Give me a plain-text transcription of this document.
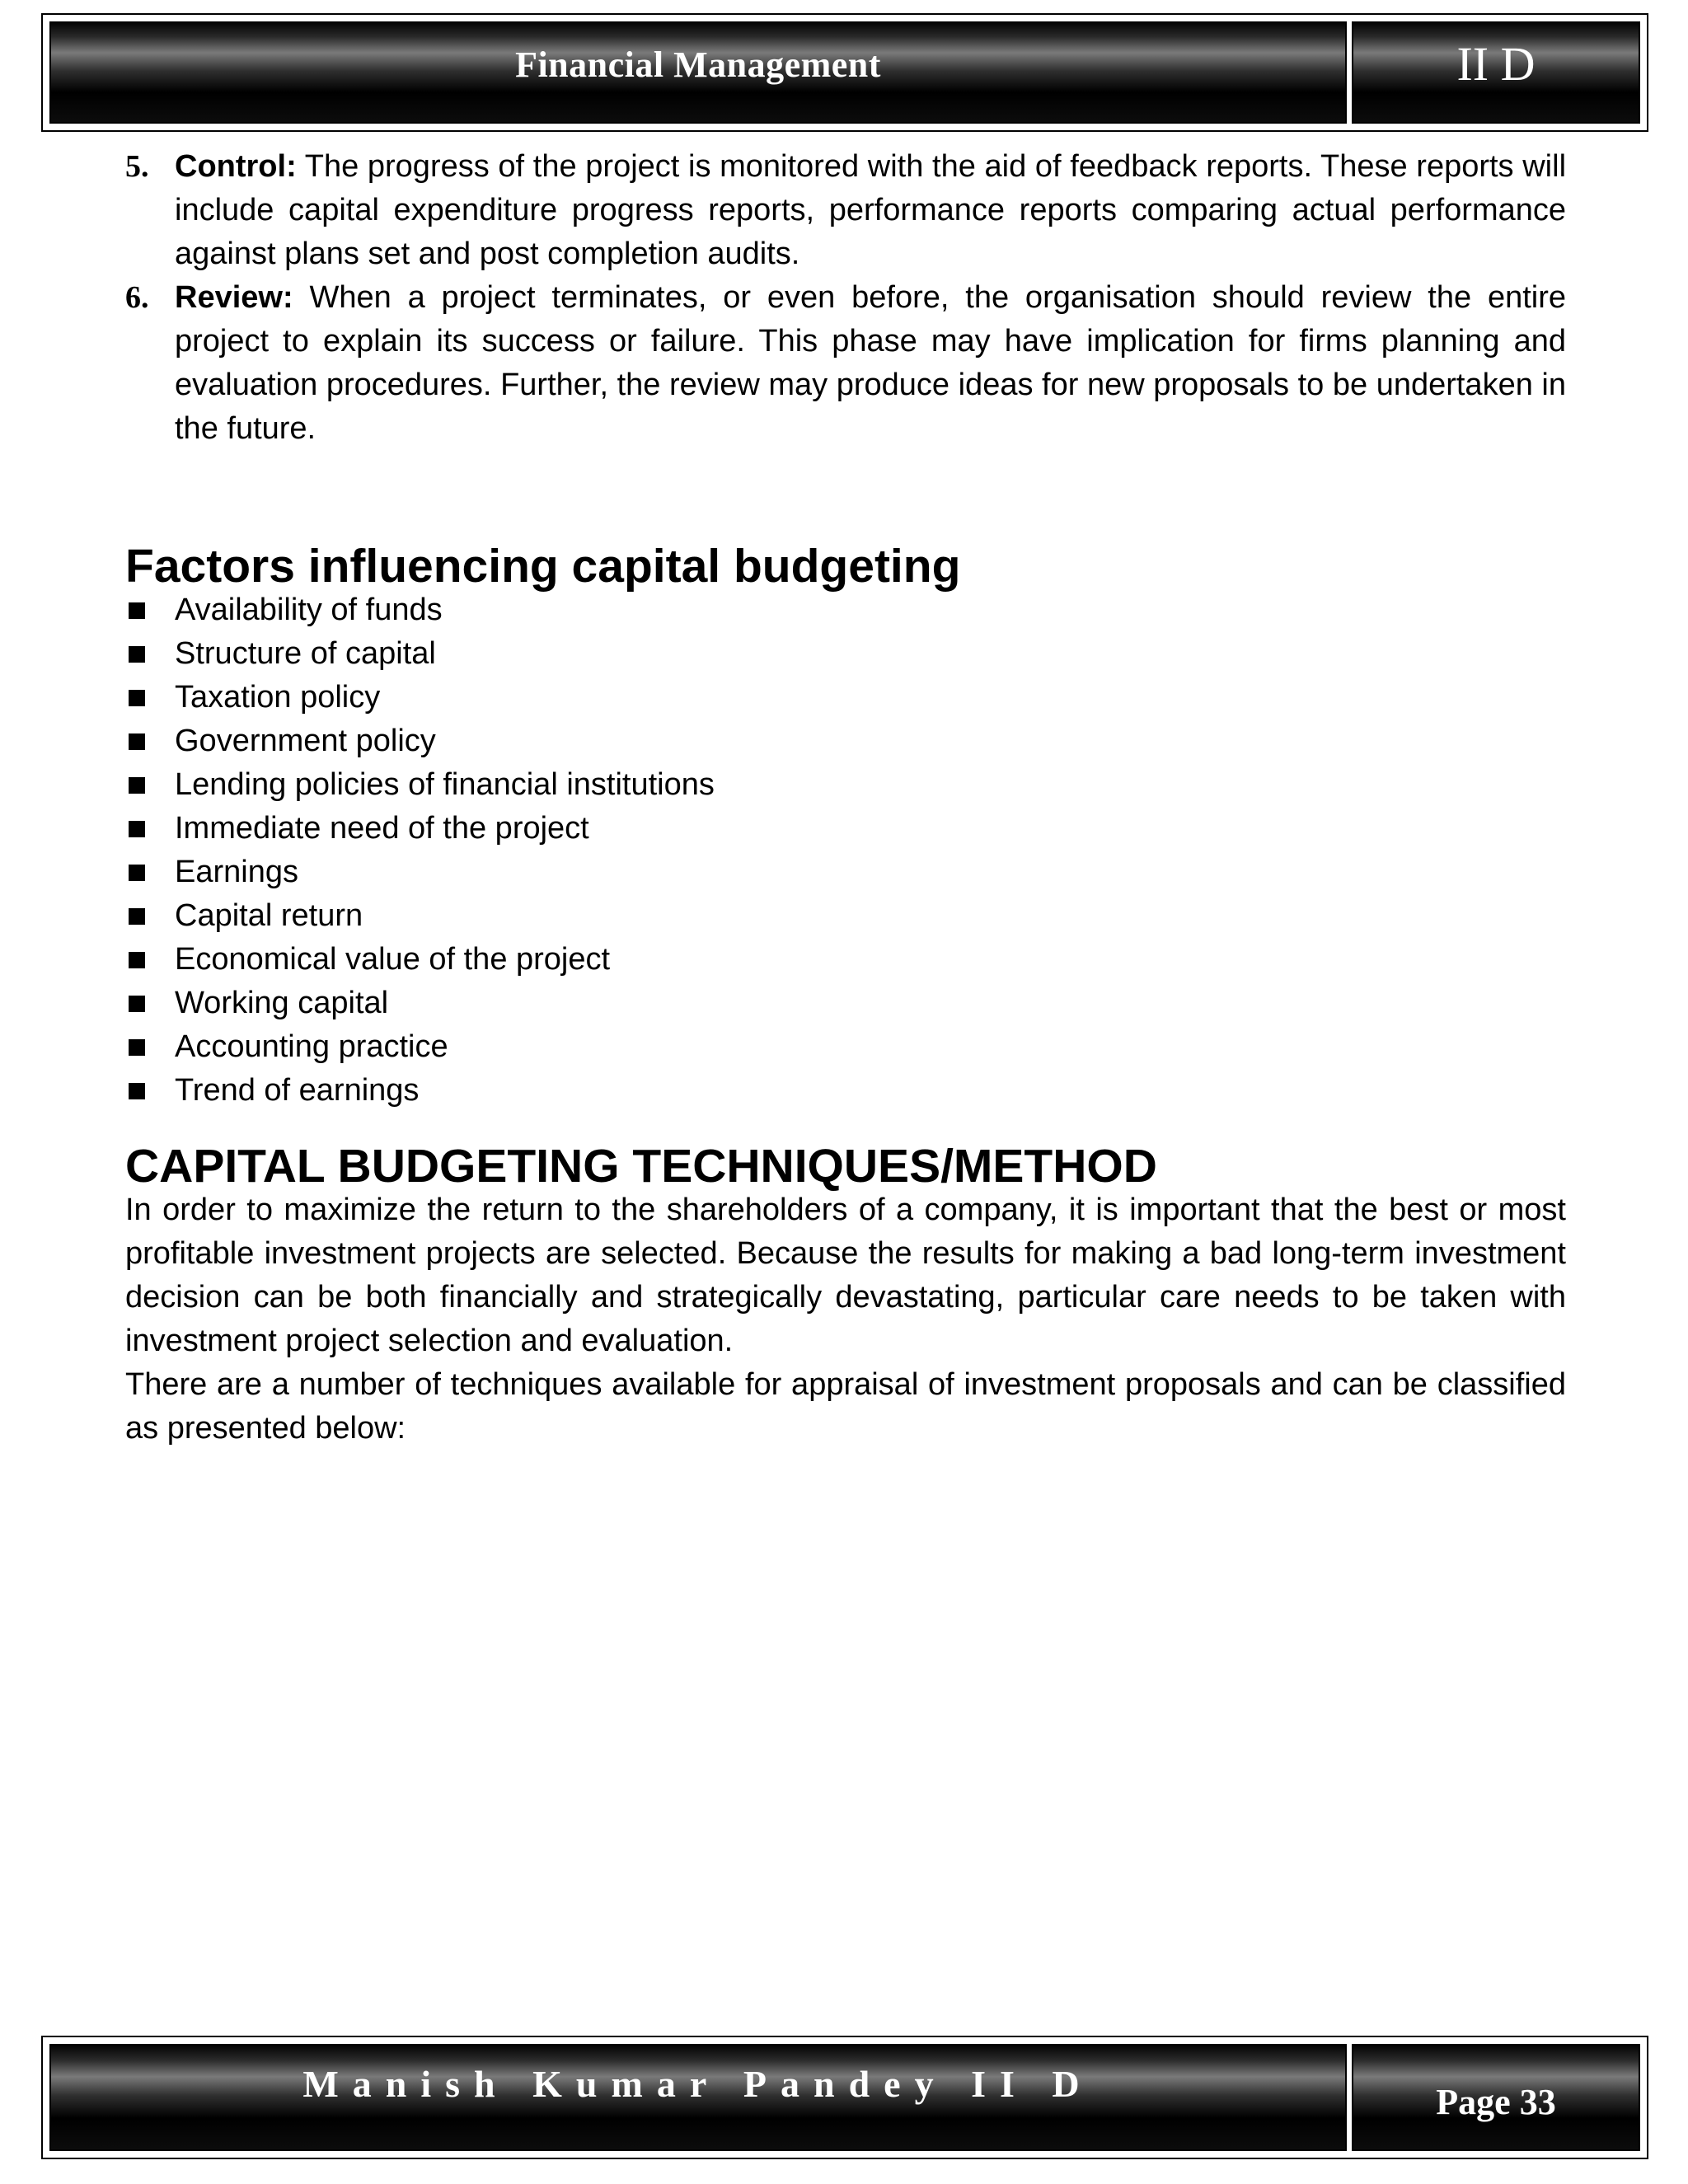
Financial Management	II D
5. Control: The progress of the project is monitored with the aid of feedback reports. These reports will include capital expenditure progress reports, performance reports comparing actual performance against plans set and post completion audits.
6. Review: When a project terminates, or even before, the organisation should review the entire project to explain its success or failure. This phase may have implication for firms planning and evaluation procedures. Further, the review may produce ideas for new proposals to be undertaken in the future.
Factors influencing capital budgeting
Availability of funds
Structure of capital
Taxation policy
Government policy
Lending policies of financial institutions
Immediate need of the project
Earnings
Capital return
Economical value of the project
Working capital
Accounting practice
Trend of earnings
CAPITAL BUDGETING TECHNIQUES/METHOD

In order to maximize the return to the shareholders of a company, it is important that the best or most profitable investment projects are selected. Because the results for making a bad long-term investment decision can be both financially and strategically devastating, particular care needs to be taken with investment project selection and evaluation.

There are a number of techniques available for appraisal of investment proposals and can be classified as presented below:

Manish Kumar Pandey II D	Page 33
